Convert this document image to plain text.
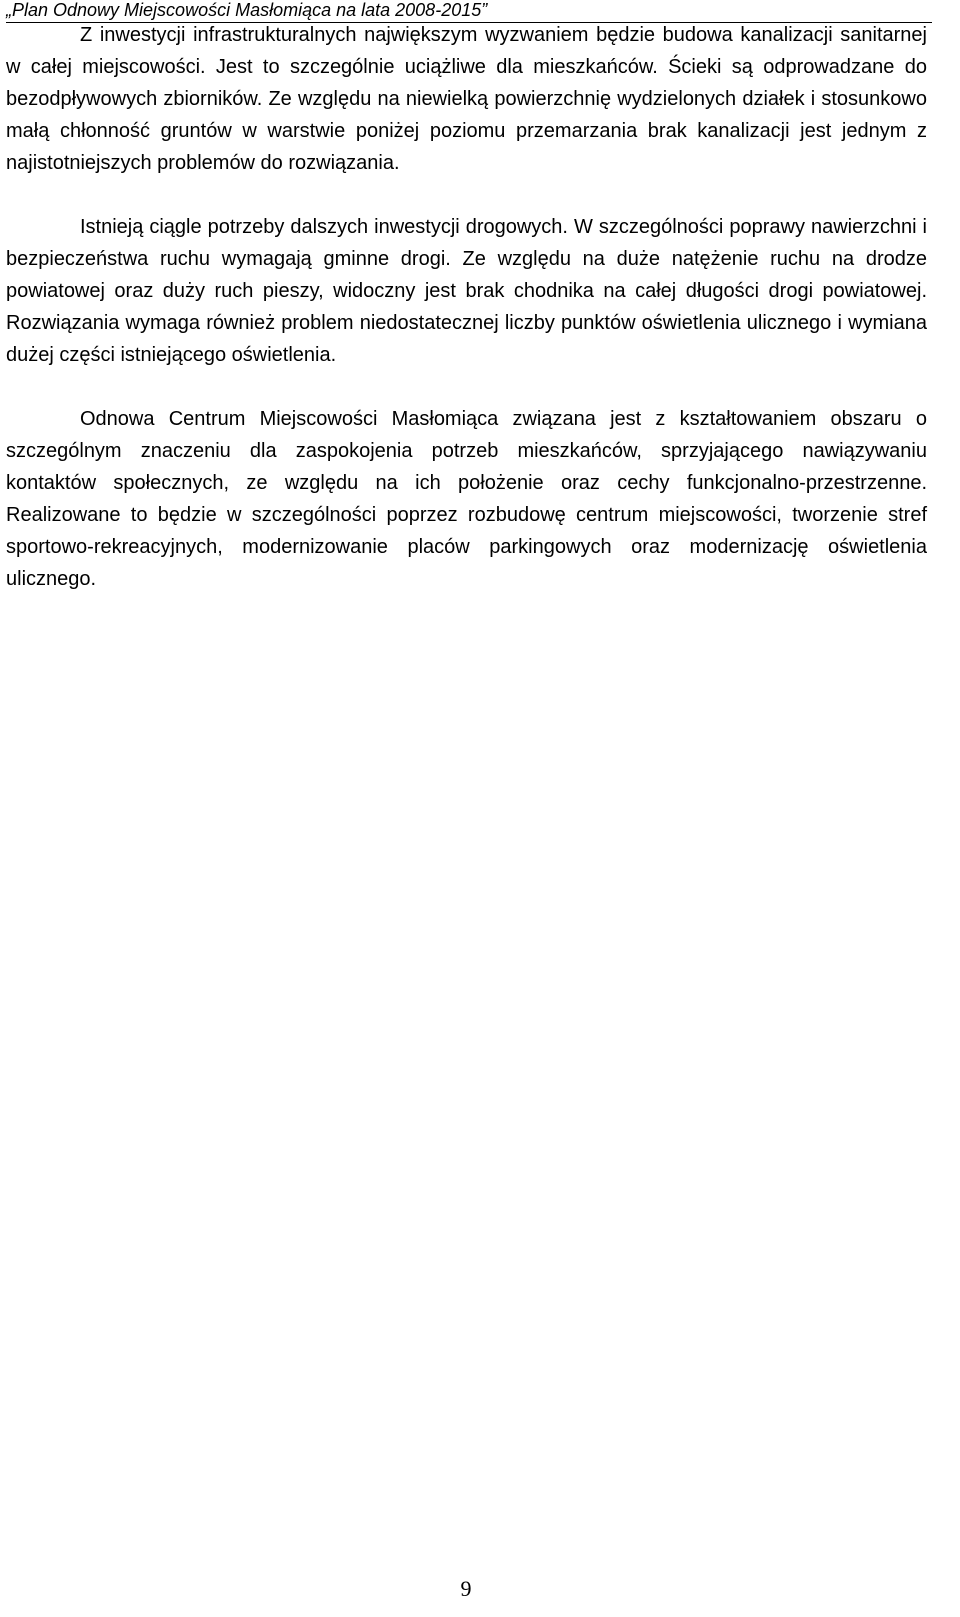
„Plan Odnowy Miejscowości Masłomiąca na lata 2008-2015”

Z inwestycji infrastrukturalnych największym wyzwaniem będzie budowa kanalizacji sanitarnej w całej miejscowości. Jest to szczególnie uciążliwe dla mieszkańców. Ścieki są odprowadzane do bezodpływowych zbiorników. Ze względu na niewielką powierzchnię wydzielonych działek i stosunkowo małą chłonność gruntów w warstwie poniżej poziomu przemarzania brak kanalizacji jest jednym z najistotniejszych problemów do rozwiązania.

Istnieją ciągle potrzeby dalszych inwestycji drogowych. W szczególności poprawy nawierzchni i bezpieczeństwa ruchu wymagają gminne drogi. Ze względu na duże natężenie ruchu na drodze powiatowej oraz duży ruch pieszy, widoczny jest brak chodnika na całej długości drogi powiatowej. Rozwiązania wymaga również problem niedostatecznej liczby punktów oświetlenia ulicznego i wymiana dużej części istniejącego oświetlenia.

Odnowa Centrum Miejscowości Masłomiąca związana jest z kształtowaniem obszaru o szczególnym znaczeniu dla zaspokojenia potrzeb mieszkańców, sprzyjającego nawiązywaniu kontaktów społecznych, ze względu na ich położenie oraz cechy funkcjonalno-przestrzenne. Realizowane to będzie w szczególności poprzez rozbudowę centrum miejscowości, tworzenie stref sportowo-rekreacyjnych, modernizowanie placów parkingowych oraz modernizację oświetlenia ulicznego.

9
